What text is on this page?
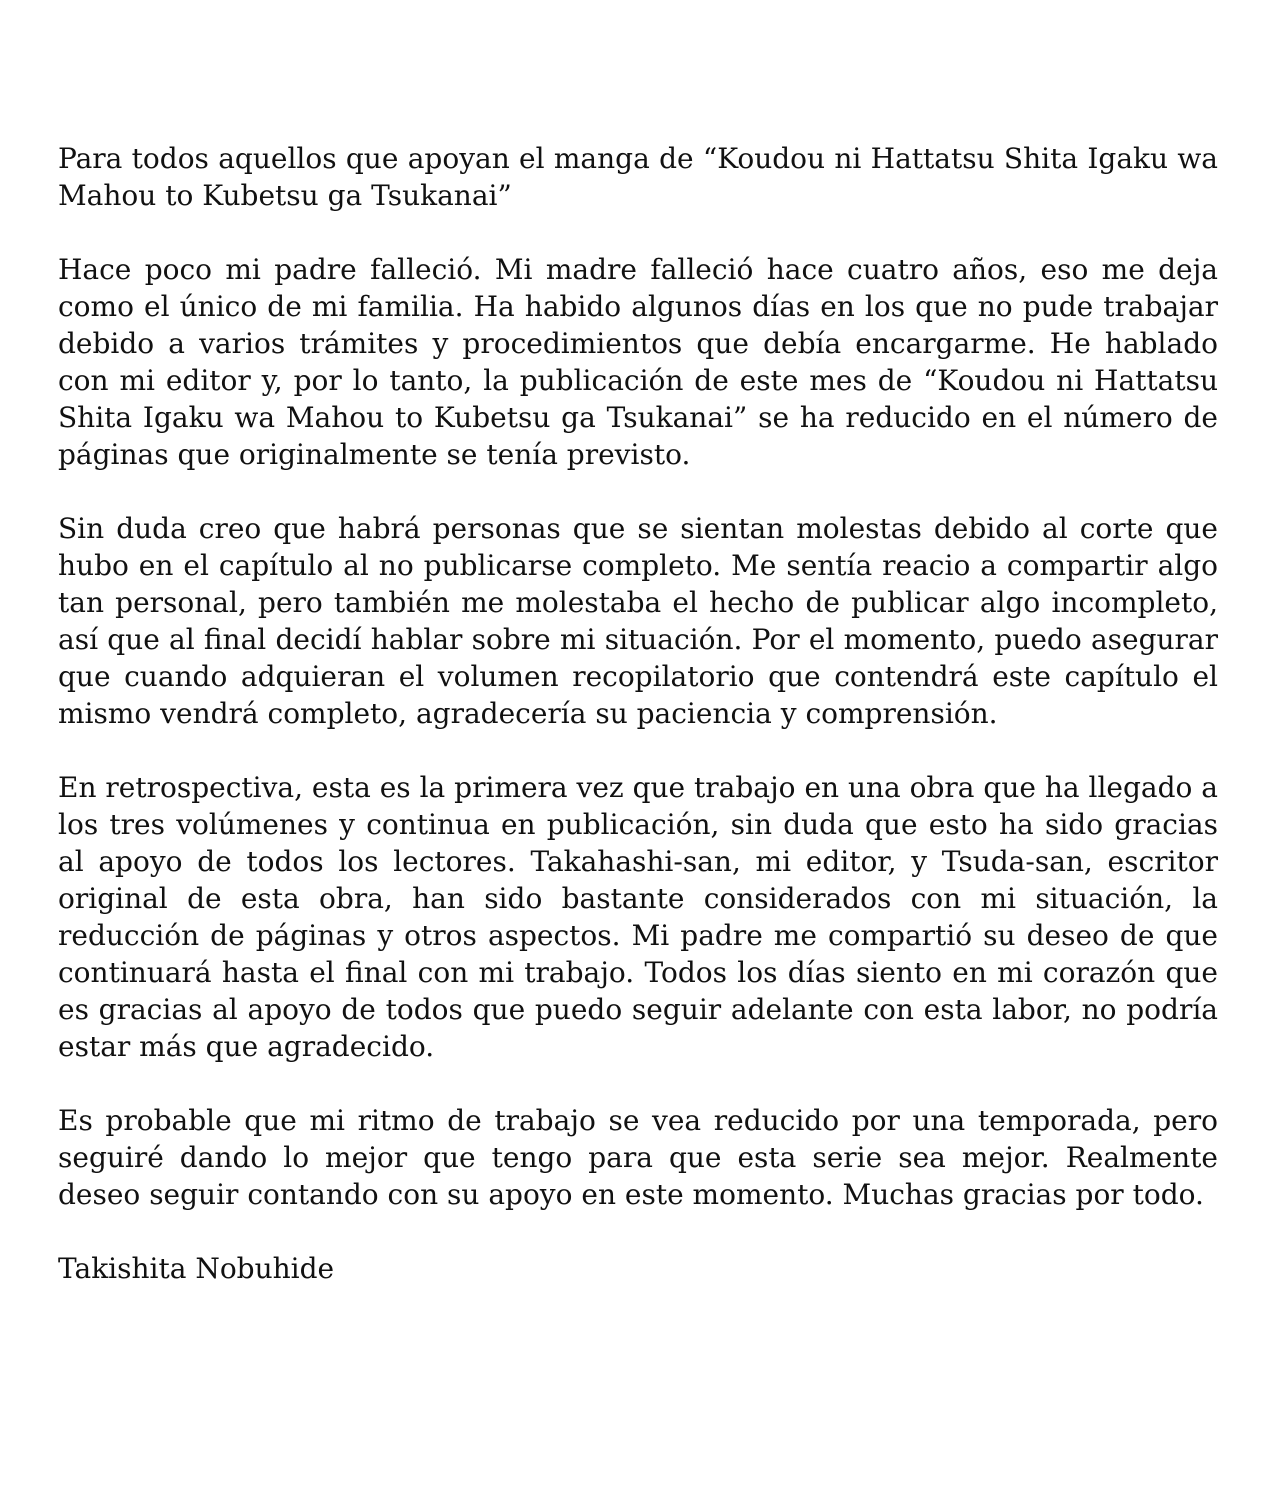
Para todos aquellos que apoyan el manga de “Koudou ni Hattatsu Shita Igaku wa Mahou to Kubetsu ga Tsukanai”

Hace poco mi padre falleció. Mi madre falleció hace cuatro años, eso me deja como el único de mi familia. Ha habido algunos días en los que no pude trabajar debido a varios trámites y procedimientos que debía encargarme. He hablado con mi editor y, por lo tanto, la publicación de este mes de “Koudou ni Hattatsu Shita Igaku wa Mahou to Kubetsu ga Tsukanai” se ha reducido en el número de páginas que originalmente se tenía previsto.

Sin duda creo que habrá personas que se sientan molestas debido al corte que hubo en el capítulo al no publicarse completo. Me sentía reacio a compartir algo tan personal, pero también me molestaba el hecho de publicar algo incompleto, así que al final decidí hablar sobre mi situación. Por el momento, puedo asegurar que cuando adquieran el volumen recopilatorio que contendrá este capítulo el mismo vendrá completo, agradecería su paciencia y comprensión.

En retrospectiva, esta es la primera vez que trabajo en una obra que ha llegado a los tres volúmenes y continua en publicación, sin duda que esto ha sido gracias al apoyo de todos los lectores. Takahashi-san, mi editor, y Tsuda-san, escritor original de esta obra, han sido bastante considerados con mi situación, la reducción de páginas y otros aspectos. Mi padre me compartió su deseo de que continuará hasta el final con mi trabajo. Todos los días siento en mi corazón que es gracias al apoyo de todos que puedo seguir adelante con esta labor, no podría estar más que agradecido.

Es probable que mi ritmo de trabajo se vea reducido por una temporada, pero seguiré dando lo mejor que tengo para que esta serie sea mejor. Realmente deseo seguir contando con su apoyo en este momento. Muchas gracias por todo.

Takishita Nobuhide
